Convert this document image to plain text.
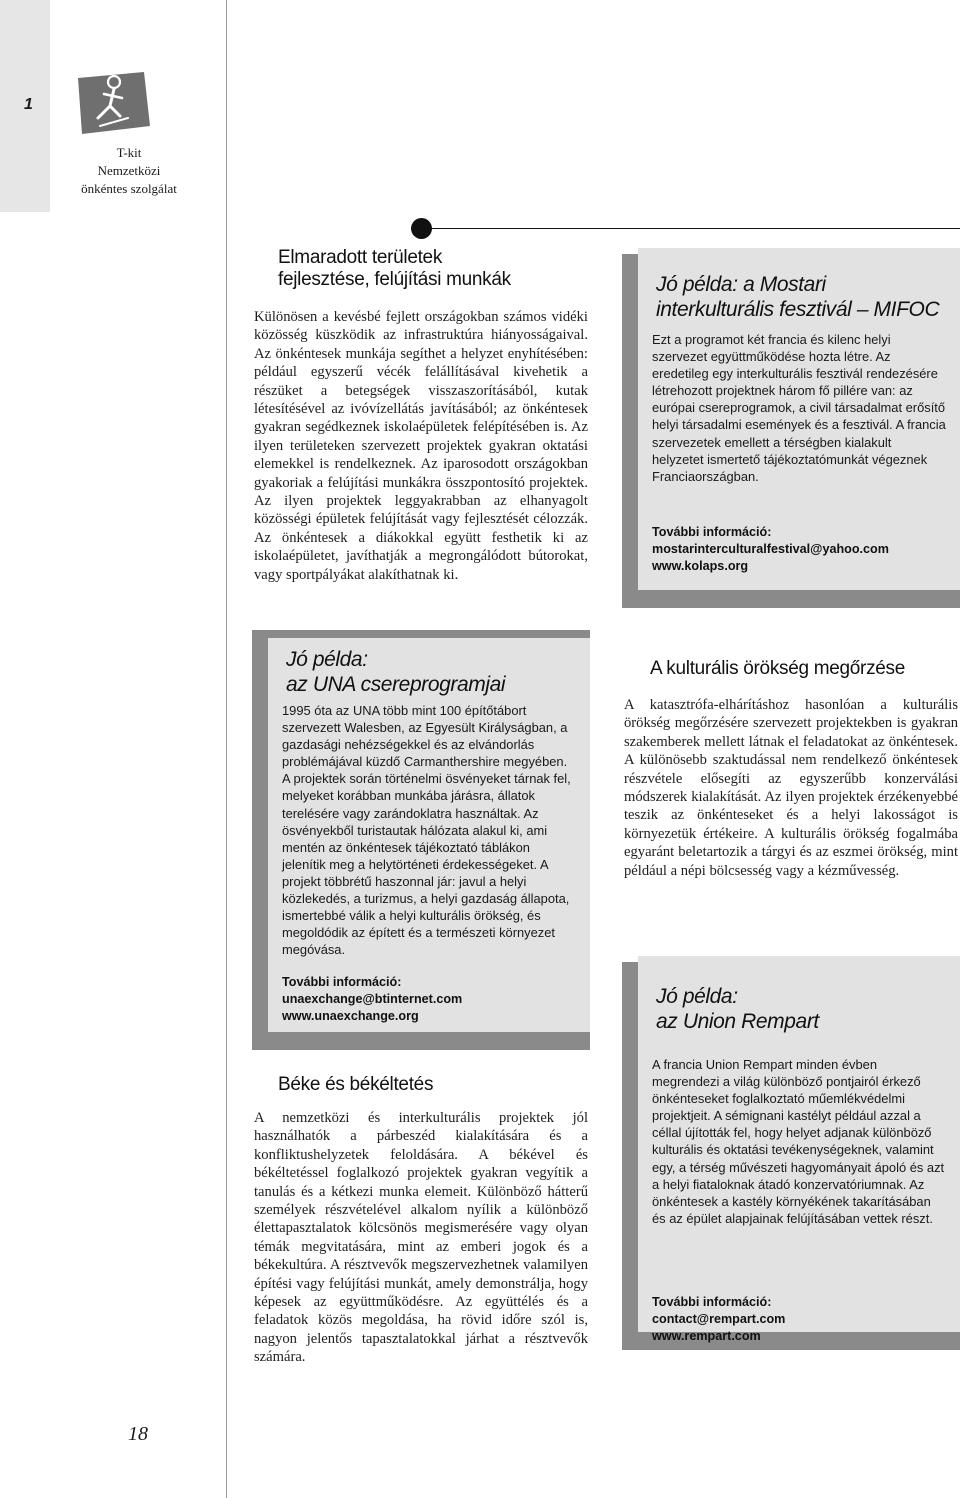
1
T-kit
Nemzetközi
önkéntes szolgálat
18
Elmaradott területek
fejlesztése, felújítási munkák
Különösen a kevésbé fejlett országokban számos vidéki közösség küszködik az infrastruktúra hiányosságaival. Az önkéntesek munkája segíthet a helyzet enyhítésében: például egyszerű vécék felállításával kivehetik a részüket a betegségek visszaszorításából, kutak létesítésével az ivóvízellátás javításából; az önkéntesek gyakran segédkeznek iskolaépületek felépítésében is. Az ilyen területeken szervezett projektek gyakran oktatási elemekkel is rendelkeznek. Az iparosodott országokban gyakoriak a felújítási munkákra összpontosító projektek. Az ilyen projektek leggyakrabban az elhanyagolt közösségi épületek felújítását vagy fejlesztését célozzák. Az önkéntesek a diákokkal együtt festhetik ki az iskolaépületet, javíthatják a megrongálódott bútorokat, vagy sportpályákat alakíthatnak ki.
Jó példa:
az UNA csereprogramjai
1995 óta az UNA több mint 100 építőtábort szervezett Walesben, az Egyesült Királyságban, a gazdasági nehézségekkel és az elvándorlás problémájával küzdő Carmanthershire megyében. A projektek során történelmi ösvényeket tárnak fel, melyeket korábban munkába járásra, állatok terelésére vagy zarándoklatra használtak. Az ösvényekből turistautak hálózata alakul ki, ami mentén az önkéntesek tájékoztató táblákon jelenítik meg a helytörténeti érdekességeket. A projekt többrétű haszonnal jár: javul a helyi közlekedés, a turizmus, a helyi gazdaság állapota, ismertebbé válik a helyi kulturális örökség, és megoldódik az épített és a természeti környezet megóvása.
További információ:
unaexchange@btinternet.com
www.unaexchange.org
Béke és békéltetés
A nemzetközi és interkulturális projektek jól használhatók a párbeszéd kialakítására és a konfliktushelyzetek feloldására. A békével és békéltetéssel foglalkozó projektek gyakran vegyítik a tanulás és a kétkezi munka elemeit. Különböző hátterű személyek részvételével alkalom nyílik a különböző élettapasztalatok kölcsönös megismerésére vagy olyan témák megvitatására, mint az emberi jogok és a békekultúra. A résztvevők megszervezhetnek valamilyen építési vagy felújítási munkát, amely demonstrálja, hogy képesek az együttműködésre. Az együttélés és a feladatok közös megoldása, ha rövid időre szól is, nagyon jelentős tapasztalatokkal járhat a résztvevők számára.
Jó példa: a Mostari
interkulturális fesztivál – MIFOC
Ezt a programot két francia és kilenc helyi szervezet együttműködése hozta létre. Az eredetileg egy interkulturális fesztivál rendezésére létrehozott projektnek három fő pillére van: az európai csereprogramok, a civil társadalmat erősítő helyi társadalmi események és a fesztivál. A francia szervezetek emellett a térségben kialakult helyzetet ismertető tájékoztatómunkát végeznek Franciaországban.
További információ:
mostarinterculturalfestival@yahoo.com
www.kolaps.org
A kulturális örökség megőrzése
A katasztrófa-elhárításhoz hasonlóan a kulturális örökség megőrzésére szervezett projektekben is gyakran szakemberek mellett látnak el feladatokat az önkéntesek. A különösebb szaktudással nem rendelkező önkéntesek részvétele elősegíti az egyszerűbb konzerválási módszerek kialakítását. Az ilyen projektek érzékenyebbé teszik az önkénteseket és a helyi lakosságot is környezetük értékeire. A kulturális örökség fogalmába egyaránt beletartozik a tárgyi és az eszmei örökség, mint például a népi bölcsesség vagy a kézművesség.
Jó példa:
az Union Rempart
A francia Union Rempart minden évben megrendezi a világ különböző pontjairól érkező önkénteseket foglalkoztató műemlékvédelmi projektjeit. A sémignani kastélyt például azzal a céllal újították fel, hogy helyet adjanak különböző kulturális és oktatási tevékenységeknek, valamint egy, a térség művészeti hagyományait ápoló és azt a helyi fiataloknak átadó konzervatóriumnak. Az önkéntesek a kastély környékének takarításában és az épület alapjainak felújításában vettek részt.
További információ:
contact@rempart.com
www.rempart.com
